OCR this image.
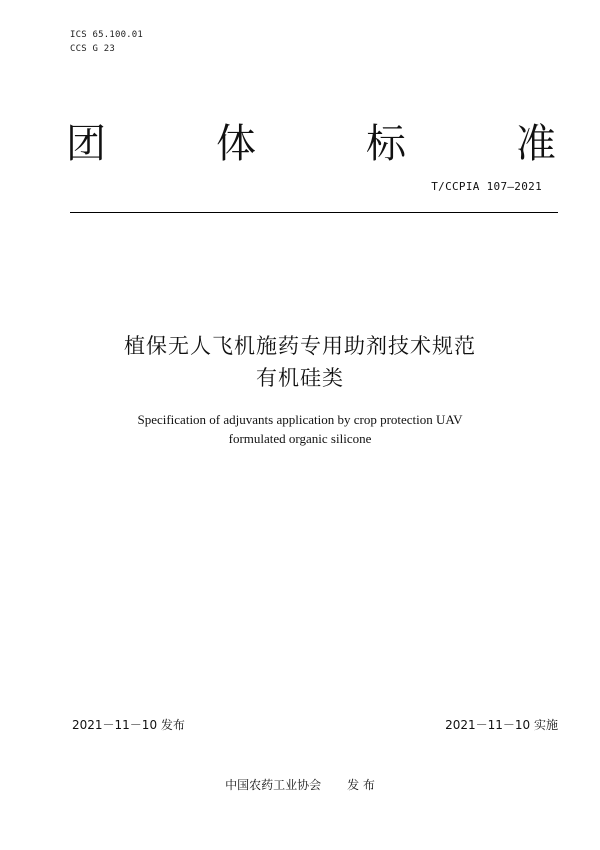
ICS 65.100.01
CCS G 23
团	体	标	准
T/CCPIA 107—2021
植保无人飞机施药专用助剂技术规范
有机硅类
Specification of adjuvants application by crop protection UAV
formulated organic silicone
2021－11－10 发布	2021－11－10 实施
中国农药工业协会 发 布
